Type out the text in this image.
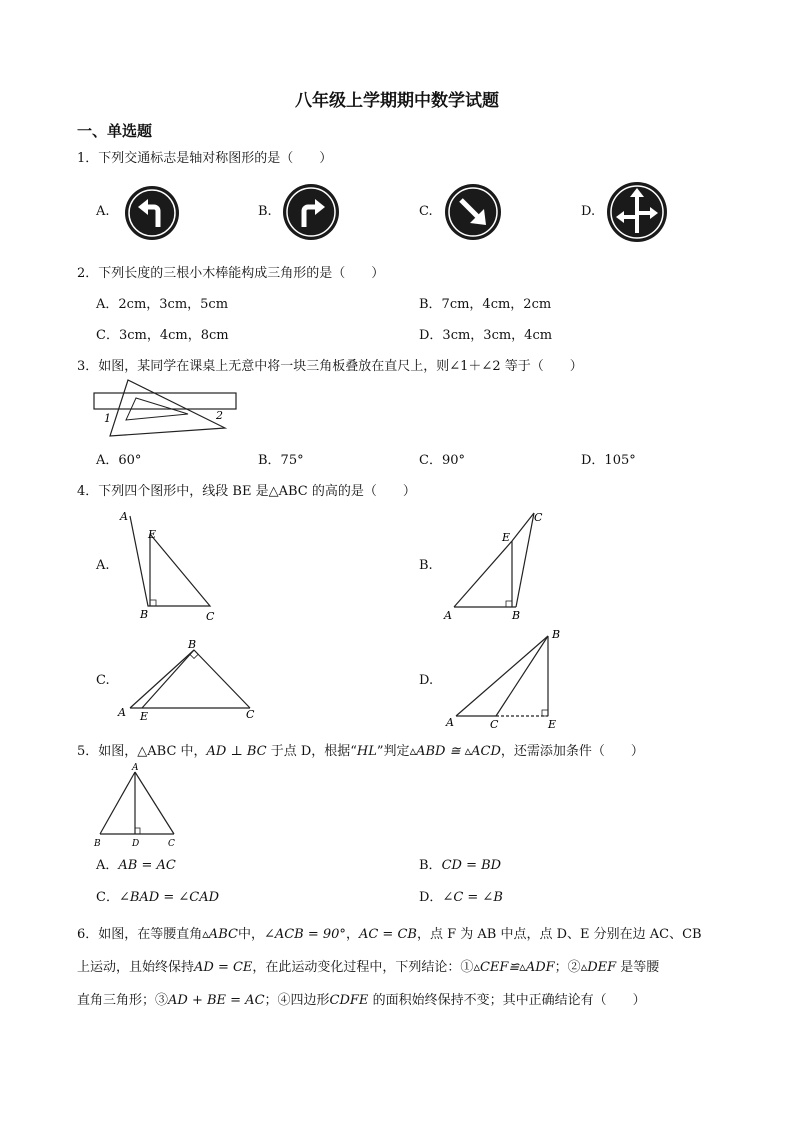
八年级上学期期中数学试题
一、单选题
1．下列交通标志是轴对称图形的是（　　）
A.	B.	C.	D.
2．下列长度的三根小木棒能构成三角形的是（　　）
A．2cm，3cm，5cm	B．7cm，4cm，2cm
C．3cm，4cm，8cm	D．3cm，3cm，4cm
3．如图，某同学在课桌上无意中将一块三角板叠放在直尺上，则∠1＋∠2 等于（　　）
1	2
A．60°	B．75°	C．90°	D．105°
4．下列四个图形中，线段 BE 是△ABC 的高的是（　　）
A.
A
E
B	C
B.
A	B
C
E
C.
A
B
C
E
D.
A
B
C	E
5．如图，△ABC 中，AD ⊥ BC 于点 D，根据“HL”判定▵ABD ≅ ▵ACD，还需添加条件（　　）
A
B	D	C
A．AB = AC	B．CD = BD
C．∠BAD = ∠CAD	D．∠C = ∠B
6．如图，在等腰直角▵ABC中，∠ACB = 90°，AC = CB，点 F 为 AB 中点，点 D、E 分别在边 AC、CB
上运动，且始终保持AD = CE，在此运动变化过程中，下列结论：①▵CEF≌▵ADF；②▵DEF 是等腰
直角三角形；③AD + BE = AC；④四边形CDFE 的面积始终保持不变；其中正确结论有（　　）
